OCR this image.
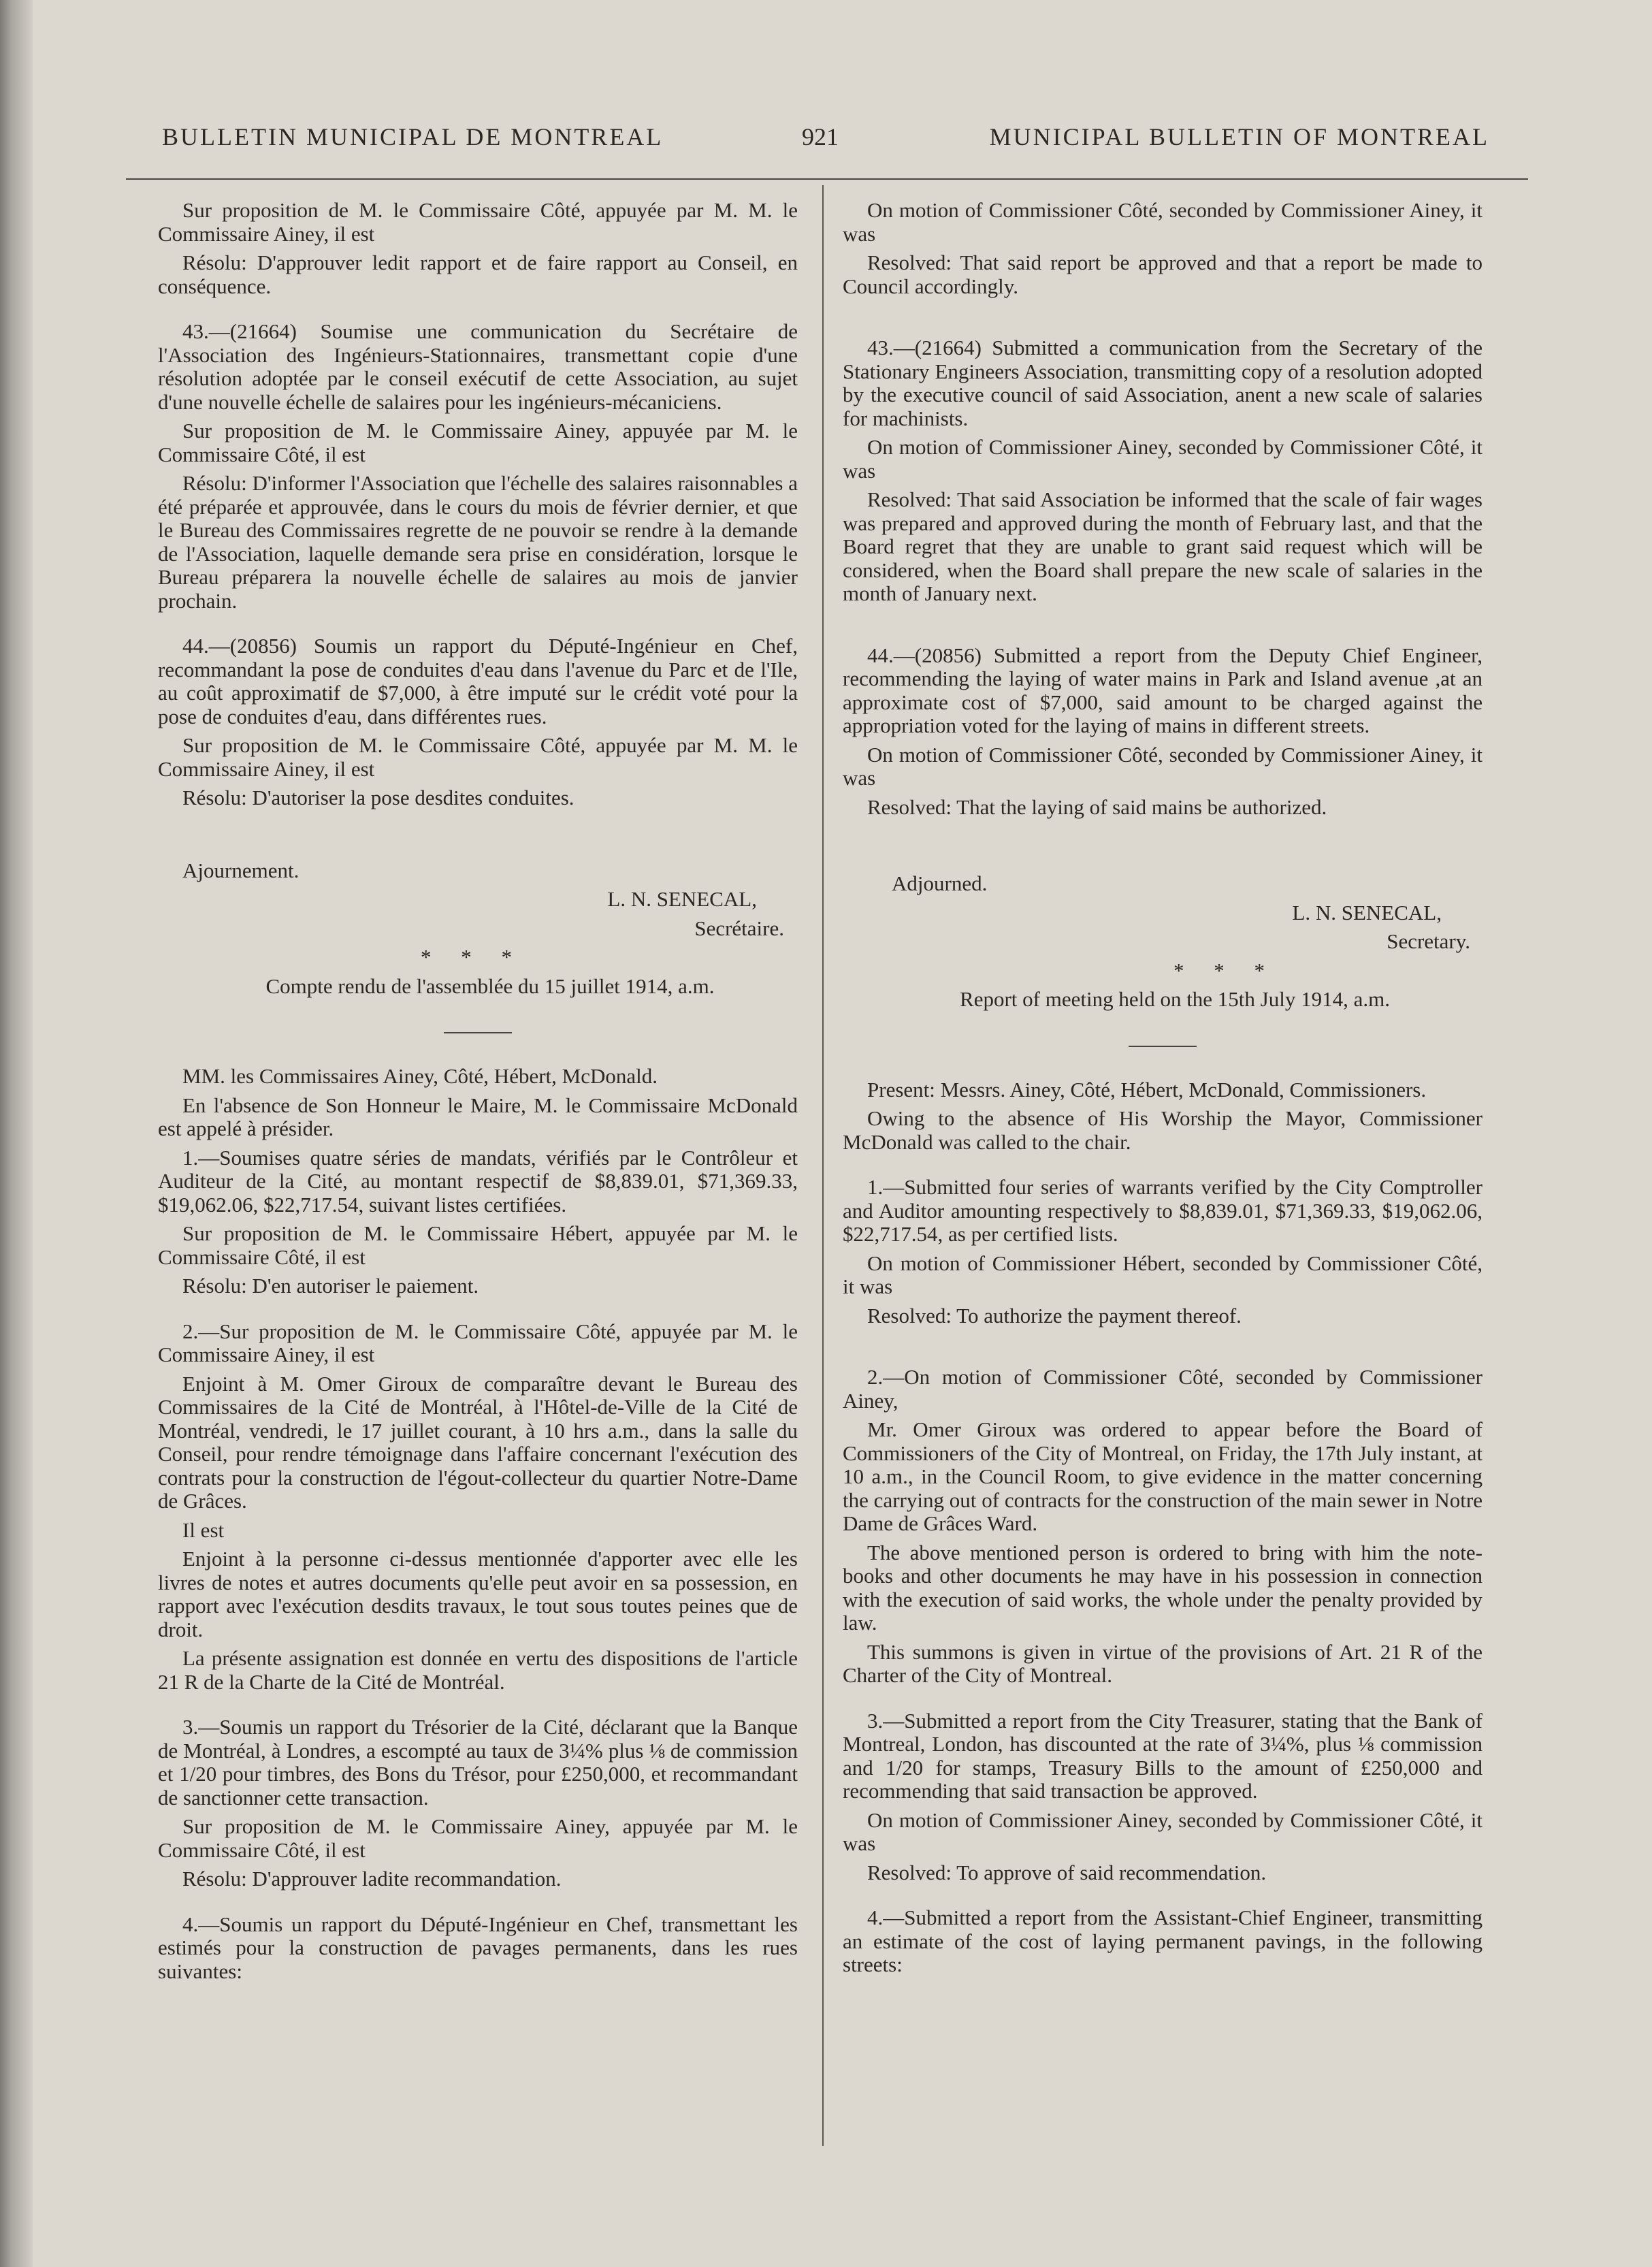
BULLETIN MUNICIPAL DE MONTREAL	921	MUNICIPAL BULLETIN OF MONTREAL

Sur proposition de M. le Commissaire Côté, appuyée par M. M. le Commissaire Ainey, il est

Résolu: D'approuver ledit rapport et de faire rapport au Conseil, en conséquence.

43.—(21664) Soumise une communication du Secrétaire de l'Association des Ingénieurs-Stationnaires, transmettant copie d'une résolution adoptée par le conseil exécutif de cette Association, au sujet d'une nouvelle échelle de salaires pour les ingénieurs-mécaniciens.

Sur proposition de M. le Commissaire Ainey, appuyée par M. le Commissaire Côté, il est

Résolu: D'informer l'Association que l'échelle des salaires raisonnables a été préparée et approuvée, dans le cours du mois de février dernier, et que le Bureau des Commissaires regrette de ne pouvoir se rendre à la demande de l'Association, laquelle demande sera prise en considération, lorsque le Bureau préparera la nouvelle échelle de salaires au mois de janvier prochain.

44.—(20856) Soumis un rapport du Député-Ingénieur en Chef, recommandant la pose de conduites d'eau dans l'avenue du Parc et de l'Ile, au coût approximatif de $7,000, à être imputé sur le crédit voté pour la pose de conduites d'eau, dans différentes rues.

Sur proposition de M. le Commissaire Côté, appuyée par M. M. le Commissaire Ainey, il est

Résolu: D'autoriser la pose desdites conduites.

Ajournement.

L. N. SENECAL,

Secrétaire.

* * *

Compte rendu de l'assemblée du 15 juillet 1914, a.m.

MM. les Commissaires Ainey, Côté, Hébert, McDonald.

En l'absence de Son Honneur le Maire, M. le Commissaire McDonald est appelé à présider.

1.—Soumises quatre séries de mandats, vérifiés par le Contrôleur et Auditeur de la Cité, au montant respectif de $8,839.01, $71,369.33, $19,062.06, $22,717.54, suivant listes certifiées.

Sur proposition de M. le Commissaire Hébert, appuyée par M. le Commissaire Côté, il est

Résolu: D'en autoriser le paiement.

2.—Sur proposition de M. le Commissaire Côté, appuyée par M. le Commissaire Ainey, il est

Enjoint à M. Omer Giroux de comparaître devant le Bureau des Commissaires de la Cité de Montréal, à l'Hôtel-de-Ville de la Cité de Montréal, vendredi, le 17 juillet courant, à 10 hrs a.m., dans la salle du Conseil, pour rendre témoignage dans l'affaire concernant l'exécution des contrats pour la construction de l'égout-collecteur du quartier Notre-Dame de Grâces.

Il est

Enjoint à la personne ci-dessus mentionnée d'apporter avec elle les livres de notes et autres documents qu'elle peut avoir en sa possession, en rapport avec l'exécution desdits travaux, le tout sous toutes peines que de droit.

La présente assignation est donnée en vertu des dispositions de l'article 21 R de la Charte de la Cité de Montréal.

3.—Soumis un rapport du Trésorier de la Cité, déclarant que la Banque de Montréal, à Londres, a escompté au taux de 3¼% plus ⅛ de commission et 1/20 pour timbres, des Bons du Trésor, pour £250,000, et recommandant de sanctionner cette transaction.

Sur proposition de M. le Commissaire Ainey, appuyée par M. le Commissaire Côté, il est

Résolu: D'approuver ladite recommandation.

4.—Soumis un rapport du Député-Ingénieur en Chef, transmettant les estimés pour la construction de pavages permanents, dans les rues suivantes:

On motion of Commissioner Côté, seconded by Commissioner Ainey, it was

Resolved: That said report be approved and that a report be made to Council accordingly.

43.—(21664) Submitted a communication from the Secretary of the Stationary Engineers Association, transmitting copy of a resolution adopted by the executive council of said Association, anent a new scale of salaries for machinists.

On motion of Commissioner Ainey, seconded by Commissioner Côté, it was

Resolved: That said Association be informed that the scale of fair wages was prepared and approved during the month of February last, and that the Board regret that they are unable to grant said request which will be considered, when the Board shall prepare the new scale of salaries in the month of January next.

44.—(20856) Submitted a report from the Deputy Chief Engineer, recommending the laying of water mains in Park and Island avenue ,at an approximate cost of $7,000, said amount to be charged against the appropriation voted for the laying of mains in different streets.

On motion of Commissioner Côté, seconded by Commissioner Ainey, it was

Resolved: That the laying of said mains be authorized.

Adjourned.

L. N. SENECAL,

Secretary.

* * *

Report of meeting held on the 15th July 1914, a.m.

Present: Messrs. Ainey, Côté, Hébert, McDonald, Commissioners.

Owing to the absence of His Worship the Mayor, Commissioner McDonald was called to the chair.

1.—Submitted four series of warrants verified by the City Comptroller and Auditor amounting respectively to $8,839.01, $71,369.33, $19,062.06, $22,717.54, as per certified lists.

On motion of Commissioner Hébert, seconded by Commissioner Côté, it was

Resolved: To authorize the payment thereof.

2.—On motion of Commissioner Côté, seconded by Commissioner Ainey,

Mr. Omer Giroux was ordered to appear before the Board of Commissioners of the City of Montreal, on Friday, the 17th July instant, at 10 a.m., in the Council Room, to give evidence in the matter concerning the carrying out of contracts for the construction of the main sewer in Notre Dame de Grâces Ward.

The above mentioned person is ordered to bring with him the note-books and other documents he may have in his possession in connection with the execution of said works, the whole under the penalty provided by law.

This summons is given in virtue of the provisions of Art. 21 R of the Charter of the City of Montreal.

3.—Submitted a report from the City Treasurer, stating that the Bank of Montreal, London, has discounted at the rate of 3¼%, plus ⅛ commission and 1/20 for stamps, Treasury Bills to the amount of £250,000 and recommending that said transaction be approved.

On motion of Commissioner Ainey, seconded by Commissioner Côté, it was

Resolved: To approve of said recommendation.

4.—Submitted a report from the Assistant-Chief Engineer, transmitting an estimate of the cost of laying permanent pavings, in the following streets:
